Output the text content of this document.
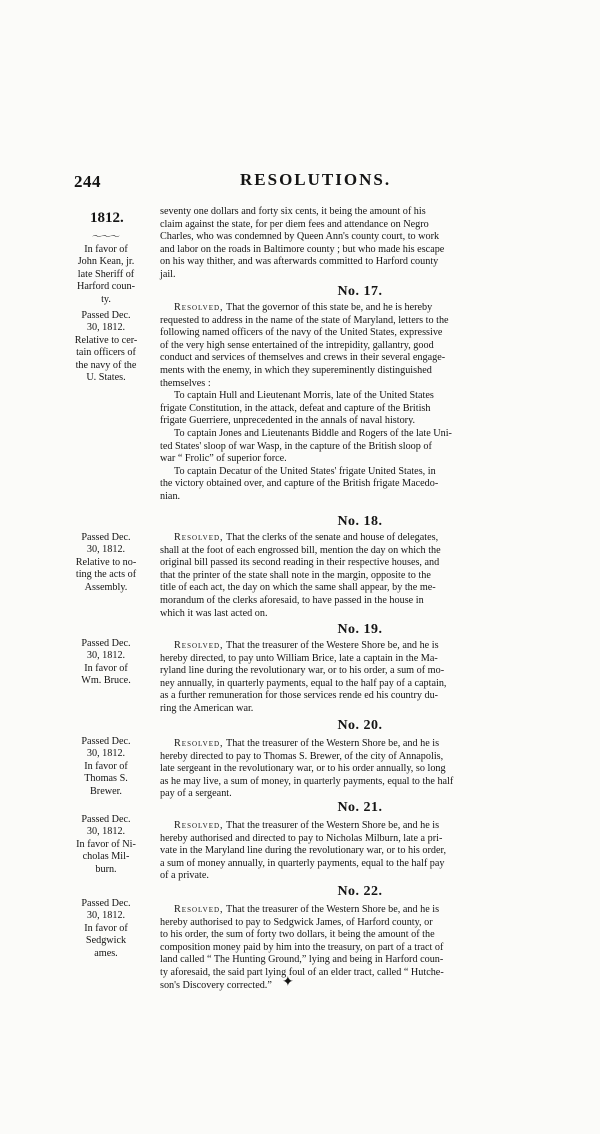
244	RESOLUTIONS.
1812.
〜〜〜
In favor of
John Kean, jr.
late Sheriff of
Harford coun-
ty.
Passed Dec.
30, 1812.
Relative to cer-
tain officers of
the navy of the
U. States.
Passed Dec.
30, 1812.
Relative to no-
ting the acts of
Assembly.
Passed Dec.
30, 1812.
In favor of
Wm. Bruce.
Passed Dec.
30, 1812.
In favor of
Thomas S.
Brewer.
Passed Dec.
30, 1812.
In favor of Ni-
cholas Mil-
burn.
Passed Dec.
30, 1812.
In favor of
Sedgwick
ames.
seventy one dollars and forty six cents, it being the amount of his
claim against the state, for per diem fees and attendance on Negro
Charles, who was condemned by Queen Ann's county court, to work
and labor on the roads in Baltimore county ; but who made his escape
on his way thither, and was afterwards committed to Harford county
jail.
No. 17.
Resolved, That the governor of this state be, and he is hereby
requested to address in the name of the state of Maryland, letters to the
following named officers of the navy of the United States, expressive
of the very high sense entertained of the intrepidity, gallantry, good
conduct and services of themselves and crews in their several engage-
ments with the enemy, in which they supereminently distinguished
themselves :
To captain Hull and Lieutenant Morris, late of the United States
frigate Constitution, in the attack, defeat and capture of the British
frigate Guerriere, unprecedented in the annals of naval history.
To captain Jones and Lieutenants Biddle and Rogers of the late Uni-
ted States' sloop of war Wasp, in the capture of the British sloop of
war “ Frolic” of superior force.
To captain Decatur of the United States' frigate United States, in
the victory obtained over, and capture of the British frigate Macedo-
nian.
No. 18.
Resolved, That the clerks of the senate and house of delegates,
shall at the foot of each engrossed bill, mention the day on which the
original bill passed its second reading in their respective houses, and
that the printer of the state shall note in the margin, opposite to the
title of each act, the day on which the same shall appear, by the me-
morandum of the clerks aforesaid, to have passed in the house in
which it was last acted on.
No. 19.
Resolved, That the treasurer of the Westere Shore be, and he is
hereby directed, to pay unto William Brice, late a captain in the Ma-
ryland line during the revolutionary war, or to his order, a sum of mo-
ney annually, in quarterly payments, equal to the half pay of a captain,
as a further remuneration for those services rende ed his country du-
ring the American war.
No. 20.
Resolved, That the treasurer of the Western Shore be, and he is
hereby directed to pay to Thomas S. Brewer, of the city of Annapolis,
late sergeant in the revolutionary war, or to his order annually, so long
as he may live, a sum of money, in quarterly payments, equal to the half
pay of a sergeant.
No. 21.
Resolved, That the treasurer of the Western Shore be, and he is
hereby authorised and directed to pay to Nicholas Milburn, late a pri-
vate in the Maryland line during the revolutionary war, or to his order,
a sum of money annually, in quarterly payments, equal to the half pay
of a private.
No. 22.
Resolved, That the treasurer of the Western Shore be, and he is
hereby authorised to pay to Sedgwick James, of Harford county, or
to his order, the sum of forty two dollars, it being the amount of the
composition money paid by him into the treasury, on part of a tract of
land called “ The Hunting Ground,” lying and being in Harford coun-
ty aforesaid, the said part lying foul of an elder tract, called “ Hutche-
son's Discovery corrected.” ✦
